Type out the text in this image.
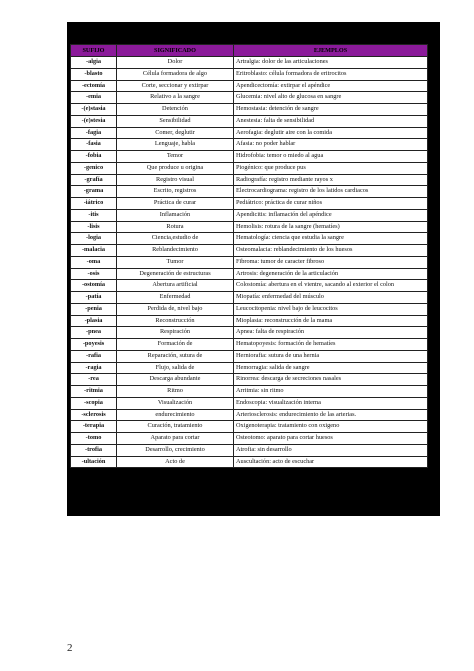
SUFIJO	SIGNIFICADO	EJEMPLOS
-algia	Dolor	Artralgia: dolor de las articulaciones
-blasto	Célula formadora de algo	Eritroblasto: célula formadora de eritrocitos
-ectomía	Corte, seccionar y extirpar	Apendicectomía: extirpar el apéndice
-emia	Relativo a la sangre	Glucemia: nivel alto de glucosa en sangre
-(e)stasia	Detención	Hemostasia: detención de sangre
-(e)stesia	Sensibilidad	Anestesia: falta de sensibilidad
-fagia	Comer, deglutir	Aerofagia: deglutir aire con la comida
-fasia	Lenguaje, habla	Afasia: no poder hablar
-fobia	Temor	Hidrofobia: temor o miedo al agua
-genico	Que produce u origina	Piogénico: que produce pus
-grafía	Registro visual	Radiografía: registro mediante rayos x
-grama	Escrito, registros	Electrocardiograma: registro de los latidos cardiacos
-iátrico	Práctica de curar	Pediátrico: práctica de curar niños
-itis	Inflamación	Apendicitis: inflamación del apéndice
-lisis	Rotura	Hemolisis: rotura de la sangre (hematíes)
-logia	Ciencia,estudio de	Hematología: ciencia que estudia la sangre
-malacia	Reblandecimiento	Osteomalacia: reblandecimiento de los huesos
-oma	Tumor	Fibroma: tumor de caracter fibroso
-osis	Degeneración de estructuras	Artrosis: degeneración de la articulación
-ostomía	Abertura artificial	Colostomía: abertura en el vientre, sacando al exterior el colon
-patía	Enfermedad	Miopatía: enfermedad del músculo
-penia	Perdida de, nivel bajo	Leucocitopenia: nivel bajo de leucocitos
-plasia	Reconstrucción	Mioplasia: reconstrucción de la mama
-pnea	Respiración	Apnea: falta de respiración
-poyesis	Formación de	Hematopoyesis: formación de hematíes
-rafia	Reparación, sutura de	Herniorafia: sutura de una hernia
-ragia	Flujo, salida de	Hemorragia: salida de sangre
-rea	Descarga abundante	Rinorrea: descarga de secreciones nasales
-ritmia	Ritmo	Arritmia: sin ritmo
-scopia	Visualización	Endoscopia: visualización interna
-sclerosis	endurecimiento	Arteriosclerosis: endurecimiento de las arterias.
-terapia	Curación, tratamiento	Oxigenoterapia: tratamiento con oxigeno
-tomo	Aparato para cortar	Osteotomo: aparato para cortar huesos
-trofia	Desarrollo, crecimiento	Atrofia: sin desarrollo
-ultación	Acto de	Auscultación: acto de escuchar
2
